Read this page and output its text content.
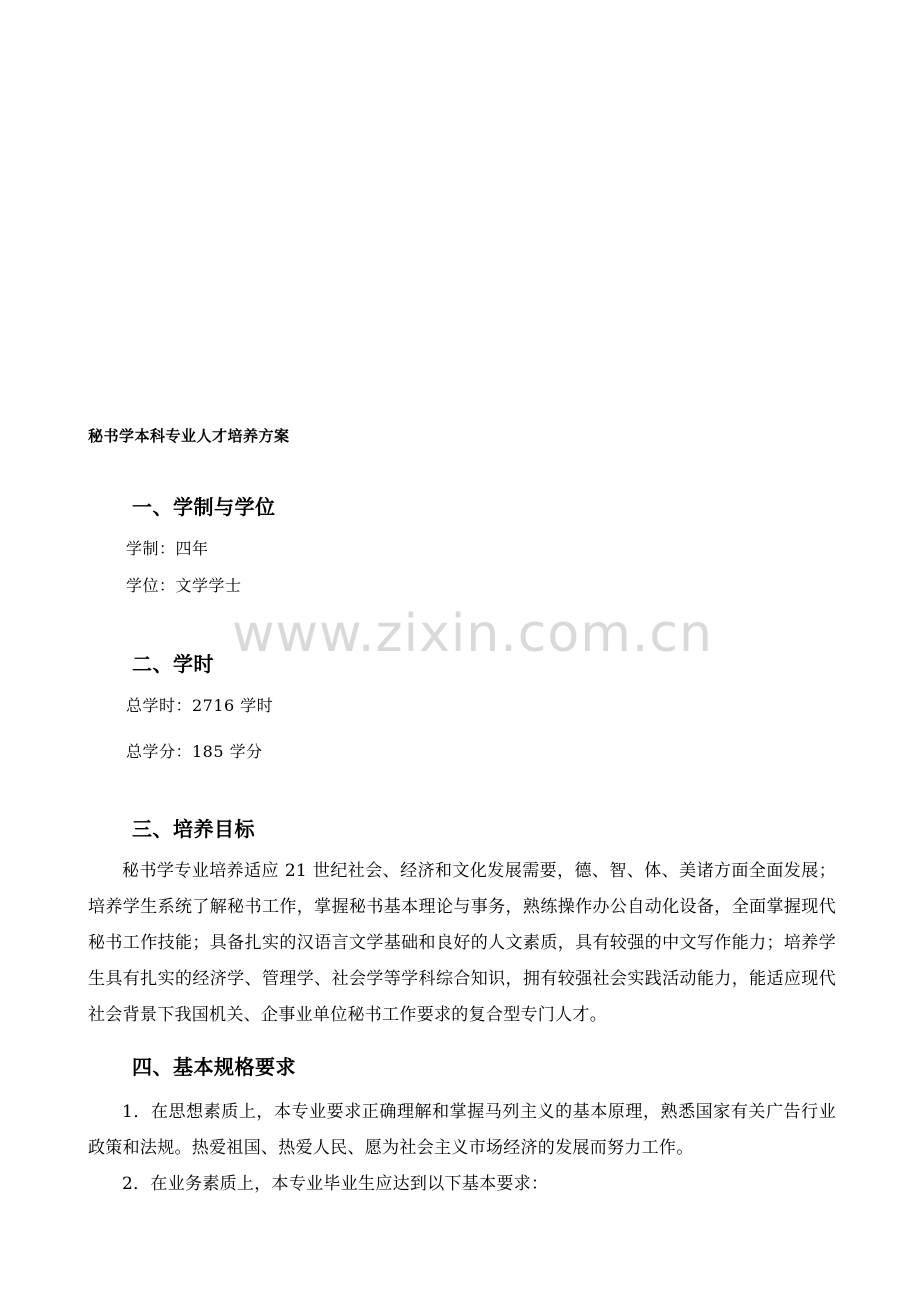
秘书学本科专业人才培养方案
一、学制与学位
学制：四年
学位：文学学士
www.zixin.com.cn
二、学时
总学时：2716 学时
总学分：185 学分
三、培养目标

秘书学专业培养适应 21 世纪社会、经济和文化发展需要，德、智、体、美诸方面全面发展；培养学生系统了解秘书工作，掌握秘书基本理论与事务，熟练操作办公自动化设备，全面掌握现代秘书工作技能；具备扎实的汉语言文学基础和良好的人文素质，具有较强的中文写作能力；培养学生具有扎实的经济学、管理学、社会学等学科综合知识，拥有较强社会实践活动能力，能适应现代社会背景下我国机关、企事业单位秘书工作要求的复合型专门人才。

四、基本规格要求

1．在思想素质上，本专业要求正确理解和掌握马列主义的基本原理，熟悉国家有关广告行业政策和法规。热爱祖国、热爱人民、愿为社会主义市场经济的发展而努力工作。

2．在业务素质上，本专业毕业生应达到以下基本要求：
